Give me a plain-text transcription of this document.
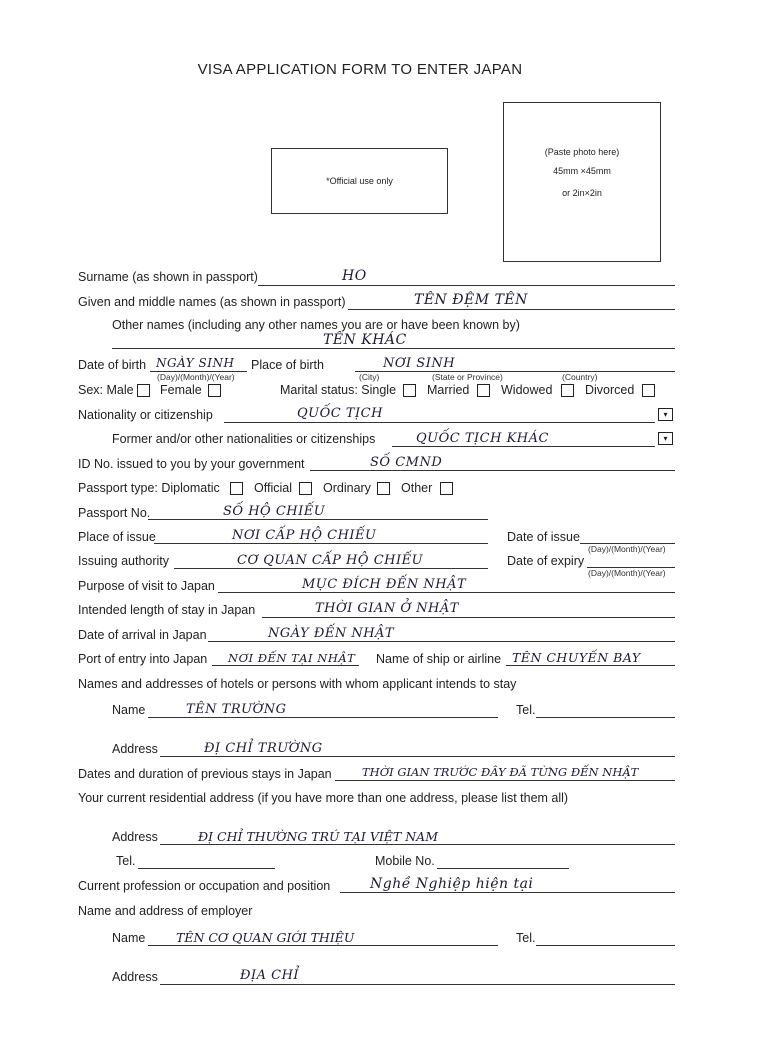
VISA APPLICATION FORM TO ENTER JAPAN
*Official use only
(Paste photo here)
45mm ×45mm
or 2in×2in
Surname (as shown in passport)	HO
Given and middle names (as shown in passport)	TÊN ĐỆM TÊN
Other names (including any other names you are or have been known by)
TÊN KHÁC
Date of birth NGÀY SINH
(Day)/(Month)/(Year)
Place of birth	NƠI SINH
(City)	(State or Province)	(Country)
Sex: Male Female	Marital status: Single Married	Widowed	Divorced
Nationality or citizenship	QUỐC TỊCH	▾
Former and/or other nationalities or citizenships	QUỐC TỊCH KHÁC	▾
ID No. issued to you by your government	SỐ CMND
Passport type: Diplomatic	Official Ordinary Other
Passport No.	SỐ HỘ CHIẾU
Place of issue	NƠI CẤP HỘ CHIẾU	Date of issue
(Day)/(Month)/(Year)
Issuing authority	CƠ QUAN CẤP HỘ CHIẾU	Date of expiry
(Day)/(Month)/(Year)
Purpose of visit to Japan	MỤC ĐÍCH ĐẾN NHẬT
Intended length of stay in Japan	THỜI GIAN Ở NHẬT
Date of arrival in Japan	NGÀY ĐẾN NHẬT
Port of entry into Japan NƠI ĐẾN TẠI NHẬT Name of ship or airline TÊN CHUYẾN BAY
Names and addresses of hotels or persons with whom applicant intends to stay
Name	TÊN TRƯỜNG	Tel.
Address	ĐỊ CHỈ TRƯỜNG
Dates and duration of previous stays in Japan	THỜI GIAN TRƯỚC ĐÂY ĐÃ TỪNG ĐẾN NHẬT
Your current residential address (if you have more than one address, please list them all)
Address	ĐỊ CHỈ THƯỜNG TRÚ TẠI VIỆT NAM
Tel.	Mobile No.
Current profession or occupation and position	Nghề Nghiệp hiện tại
Name and address of employer
Name TÊN CƠ QUAN GIỚI THIỆU	Tel.
Address	ĐỊA CHỈ
